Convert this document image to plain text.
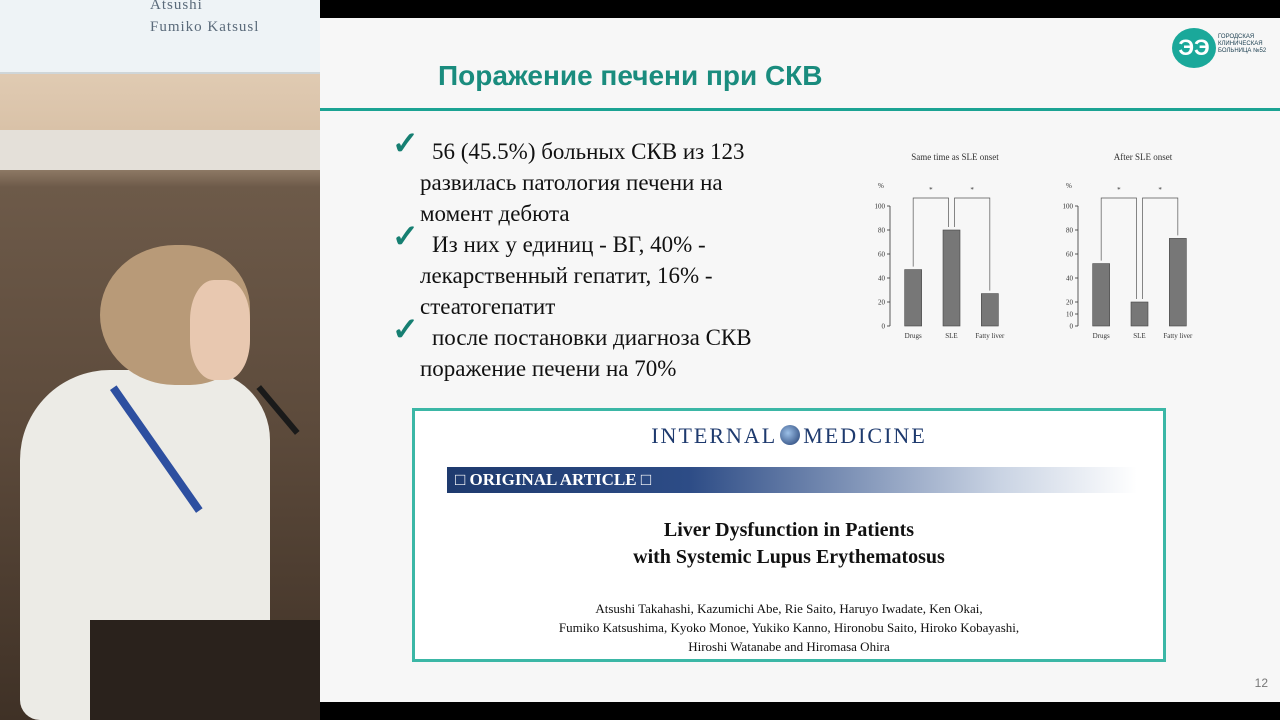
Atsushi
Fumiko Katsusl
ЭЭ	ГОРОДСКАЯ КЛИНИЧЕСКАЯ БОЛЬНИЦА №52
Поражение печени при СКВ
✓ 56 (45.5%) больных СКВ из 123
развилась патология печени на
момент дебюта
✓ Из них у единиц - ВГ, 40% -
лекарственный гепатит, 16% -
стеатогепатит
✓ после постановки диагноза СКВ
поражение печени на 70%
Same time as SLE onset
%
0
20
40
60
80
100
Drugs	SLE	Fatty liver
*	*
After SLE onset
%
0
10
20
40
60
80
100
Drugs	SLE	Fatty liver
*	*
INTERNAL MEDICINE
□ ORIGINAL ARTICLE □
Liver Dysfunction in Patients
with Systemic Lupus Erythematosus
Atsushi Takahashi, Kazumichi Abe, Rie Saito, Haruyo Iwadate, Ken Okai,
Fumiko Katsushima, Kyoko Monoe, Yukiko Kanno, Hironobu Saito, Hiroko Kobayashi,
Hiroshi Watanabe and Hiromasa Ohira
12
